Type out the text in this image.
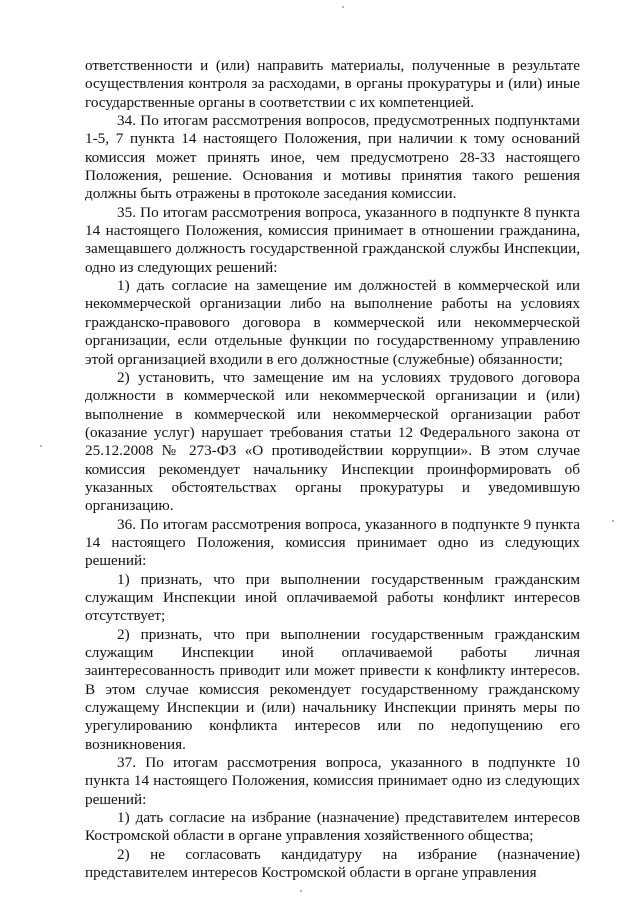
ответственности и (или) направить материалы, полученные в результате осуществления контроля за расходами, в органы прокуратуры и (или) иные государственные органы в соответствии с их компетенцией.

34. По итогам рассмотрения вопросов, предусмотренных подпунктами 1-5, 7 пункта 14 настоящего Положения, при наличии к тому оснований комиссия может принять иное, чем предусмотрено 28-33 настоящего Положения, решение. Основания и мотивы принятия такого решения должны быть отражены в протоколе заседания комиссии.

35. По итогам рассмотрения вопроса, указанного в подпункте 8 пункта 14 настоящего Положения, комиссия принимает в отношении гражданина, замещавшего должность государственной гражданской службы Инспекции, одно из следующих решений:

1) дать согласие на замещение им должностей в коммерческой или некоммерческой организации либо на выполнение работы на условиях гражданско-правового договора в коммерческой или некоммерческой организации, если отдельные функции по государственному управлению этой организацией входили в его должностные (служебные) обязанности;

2) установить, что замещение им на условиях трудового договора должности в коммерческой или некоммерческой организации и (или) выполнение в коммерческой или некоммерческой организации работ (оказание услуг) нарушает требования статьи 12 Федерального закона от 25.12.2008 № 273-ФЗ «О противодействии коррупции». В этом случае комиссия рекомендует начальнику Инспекции проинформировать об указанных обстоятельствах органы прокуратуры и уведомившую организацию.

36. По итогам рассмотрения вопроса, указанного в подпункте 9 пункта 14 настоящего Положения, комиссия принимает одно из следующих решений:

1) признать, что при выполнении государственным гражданским служащим Инспекции иной оплачиваемой работы конфликт интересов отсутствует;

2) признать, что при выполнении государственным гражданским служащим Инспекции иной оплачиваемой работы личная заинтересованность приводит или может привести к конфликту интересов. В этом случае комиссия рекомендует государственному гражданскому служащему Инспекции и (или) начальнику Инспекции принять меры по урегулированию конфликта интересов или по недопущению его возникновения.

37. По итогам рассмотрения вопроса, указанного в подпункте 10 пункта 14 настоящего Положения, комиссия принимает одно из следующих решений:

1) дать согласие на избрание (назначение) представителем интересов Костромской области в органе управления хозяйственного общества;

2) не согласовать кандидатуру на избрание (назначение) представителем интересов Костромской области в органе управления
